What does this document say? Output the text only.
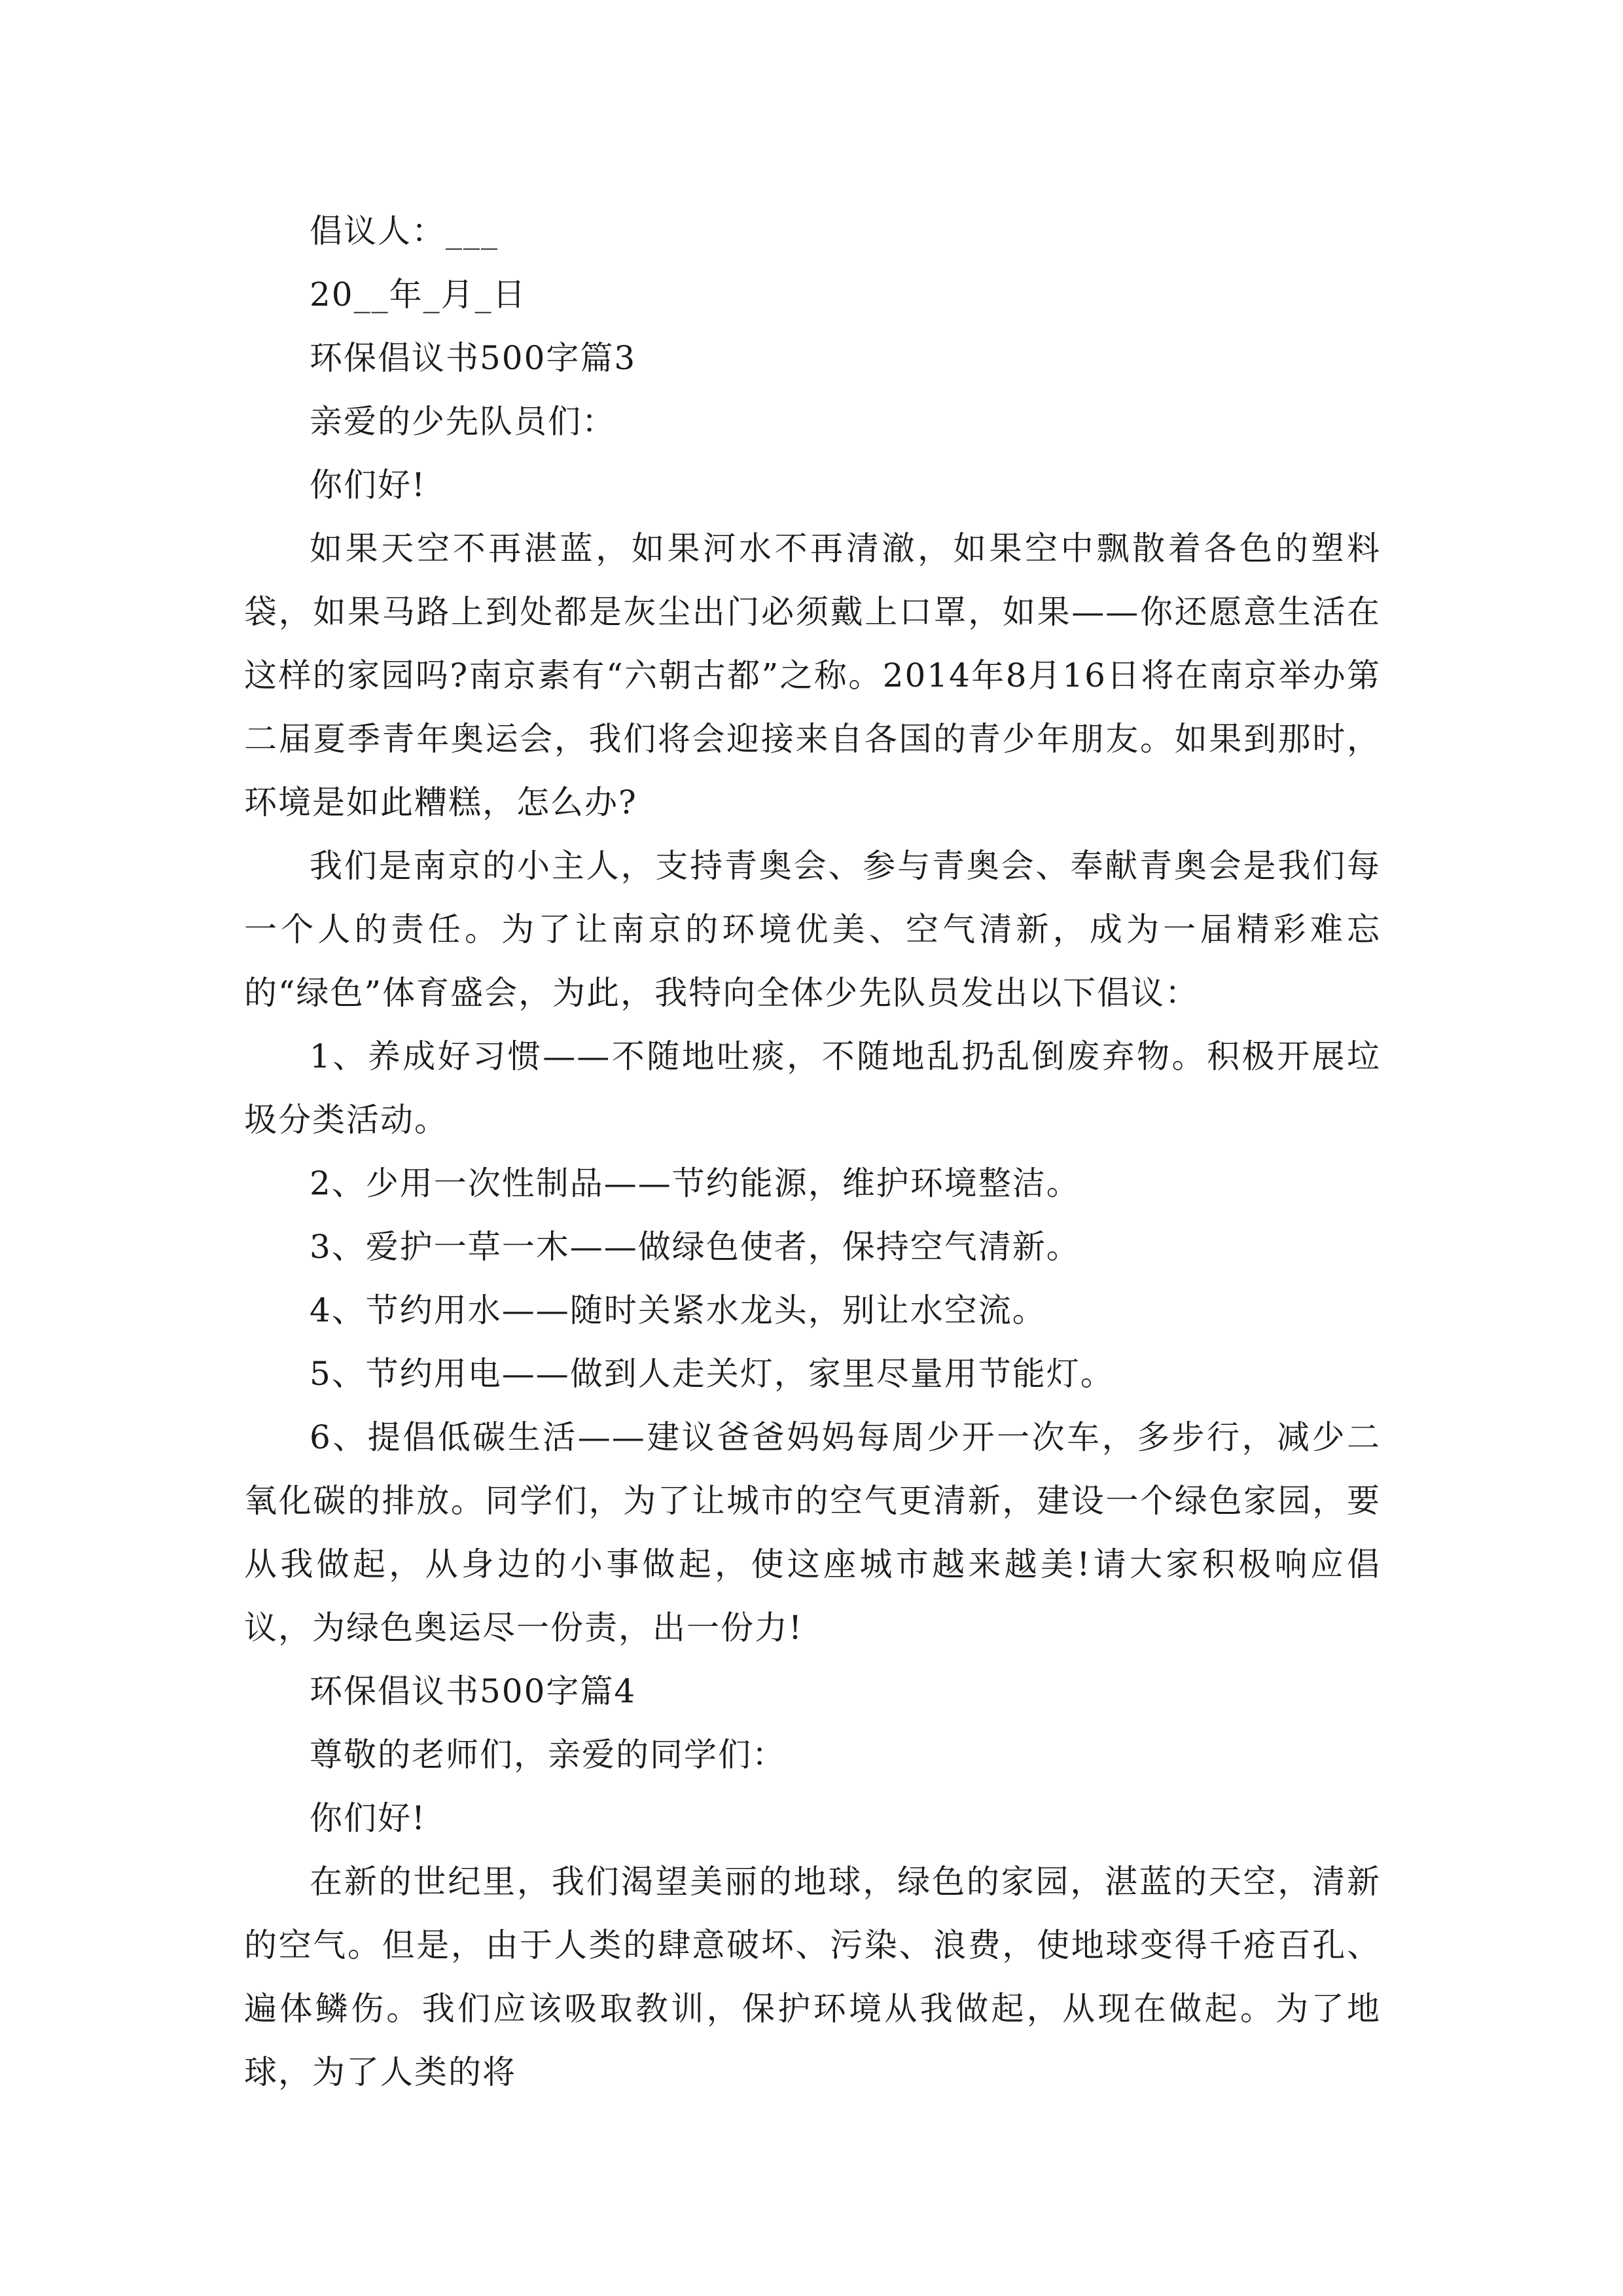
倡议人：___

20__年_月_日

环保倡议书500字篇3

亲爱的少先队员们：

你们好!

如果天空不再湛蓝，如果河水不再清澈，如果空中飘散着各色的塑料袋，如果马路上到处都是灰尘出门必须戴上口罩，如果——你还愿意生活在这样的家园吗?南京素有“六朝古都”之称。2014年8月16日将在南京举办第二届夏季青年奥运会，我们将会迎接来自各国的青少年朋友。如果到那时，环境是如此糟糕，怎么办?

我们是南京的小主人，支持青奥会、参与青奥会、奉献青奥会是我们每一个人的责任。为了让南京的环境优美、空气清新，成为一届精彩难忘的“绿色”体育盛会，为此，我特向全体少先队员发出以下倡议：

1、养成好习惯——不随地吐痰，不随地乱扔乱倒废弃物。积极开展垃圾分类活动。

2、少用一次性制品——节约能源，维护环境整洁。

3、爱护一草一木——做绿色使者，保持空气清新。

4、节约用水——随时关紧水龙头，别让水空流。

5、节约用电——做到人走关灯，家里尽量用节能灯。

6、提倡低碳生活——建议爸爸妈妈每周少开一次车，多步行，减少二氧化碳的排放。同学们，为了让城市的空气更清新，建设一个绿色家园，要从我做起，从身边的小事做起，使这座城市越来越美!请大家积极响应倡议，为绿色奥运尽一份责，出一份力!

环保倡议书500字篇4

尊敬的老师们，亲爱的同学们：

你们好!

在新的世纪里，我们渴望美丽的地球，绿色的家园，湛蓝的天空，清新的空气。但是，由于人类的肆意破坏、污染、浪费，使地球变得千疮百孔、遍体鳞伤。我们应该吸取教训，保护环境从我做起，从现在做起。为了地球，为了人类的将
